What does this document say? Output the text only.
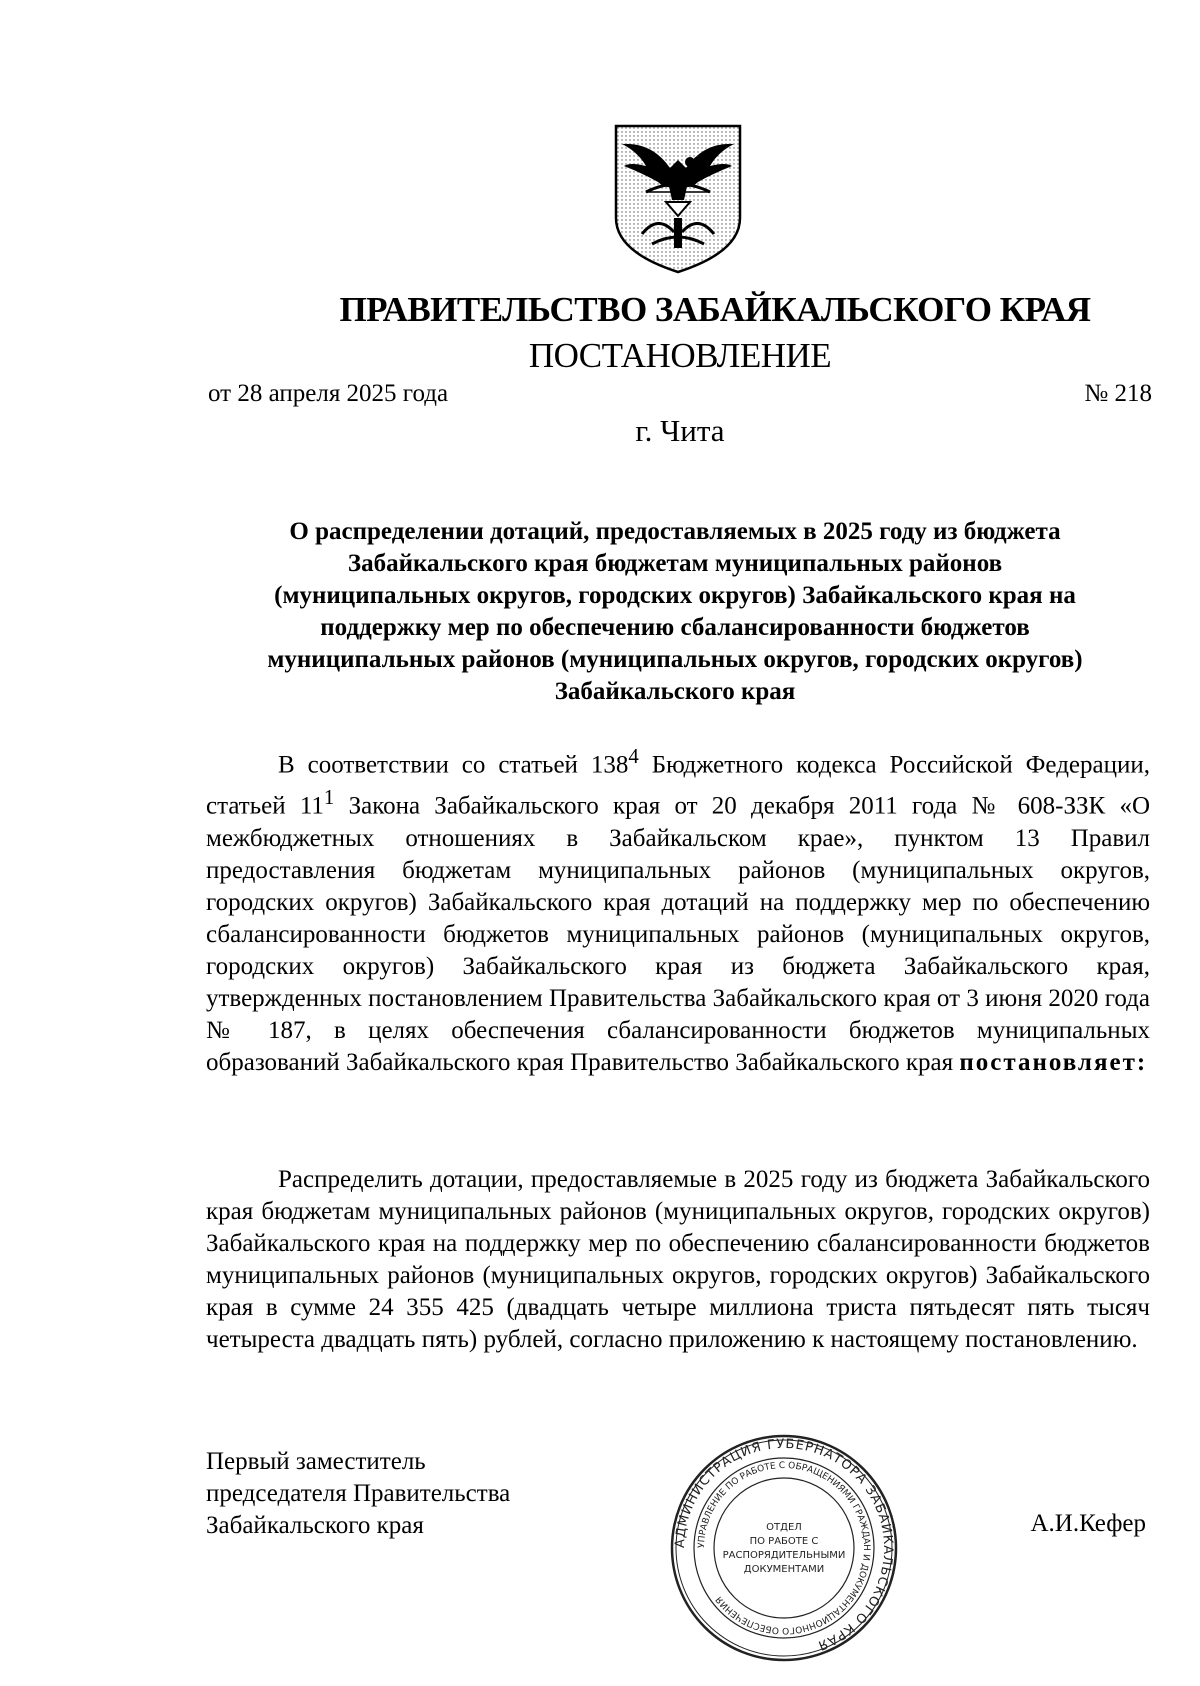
ПРАВИТЕЛЬСТВО ЗАБАЙКАЛЬСКОГО КРАЯ
ПОСТАНОВЛЕНИЕ
от 28 апреля 2025 года	№ 218
г. Чита
О распределении дотаций, предоставляемых в 2025 году из бюджета
Забайкальского края бюджетам муниципальных районов
(муниципальных округов, городских округов) Забайкальского края на
поддержку мер по обеспечению сбалансированности бюджетов
муниципальных районов (муниципальных округов, городских округов)
Забайкальского края
В соответствии со статьей $138^4$ Бюджетного кодекса Российской Федерации, статьей $11^1$ Закона Забайкальского края от 20 декабря 2011 года № 608-ЗЗК «О межбюджетных отношениях в Забайкальском крае», пунктом 13 Правил предоставления бюджетам муниципальных районов (муниципальных округов, городских округов) Забайкальского края дотаций на поддержку мер по обеспечению сбалансированности бюджетов муниципальных районов (муниципальных округов, городских округов) Забайкальского края из бюджета Забайкальского края, утвержденных постановлением Правительства Забайкальского края от 3 июня 2020 года № 187, в целях обеспечения сбалансированности бюджетов муниципальных образований Забайкальского края Правительство Забайкальского края постановляет:
Распределить дотации, предоставляемые в 2025 году из бюджета Забайкальского края бюджетам муниципальных районов (муниципальных округов, городских округов) Забайкальского края на поддержку мер по обеспечению сбалансированности бюджетов муниципальных районов (муниципальных округов, городских округов) Забайкальского края в сумме 24 355 425 (двадцать четыре миллиона триста пятьдесят пять тысяч четыреста двадцать пять) рублей, согласно приложению к настоящему постановлению.
Первый заместитель
председателя Правительства
Забайкальского края	А.И.Кефер
АДМИНИСТРАЦИЯ ГУБЕРНАТОРА ЗАБАЙКАЛЬСКОГО КРАЯ
УПРАВЛЕНИЕ ПО РАБОТЕ С ОБРАЩЕНИЯМИ ГРАЖДАН И ДОКУМЕНТАЦИОННОГО ОБЕСПЕЧЕНИЯ
ОТДЕЛ
ПО РАБОТЕ С
РАСПОРЯДИТЕЛЬНЫМИ
ДОКУМЕНТАМИ
